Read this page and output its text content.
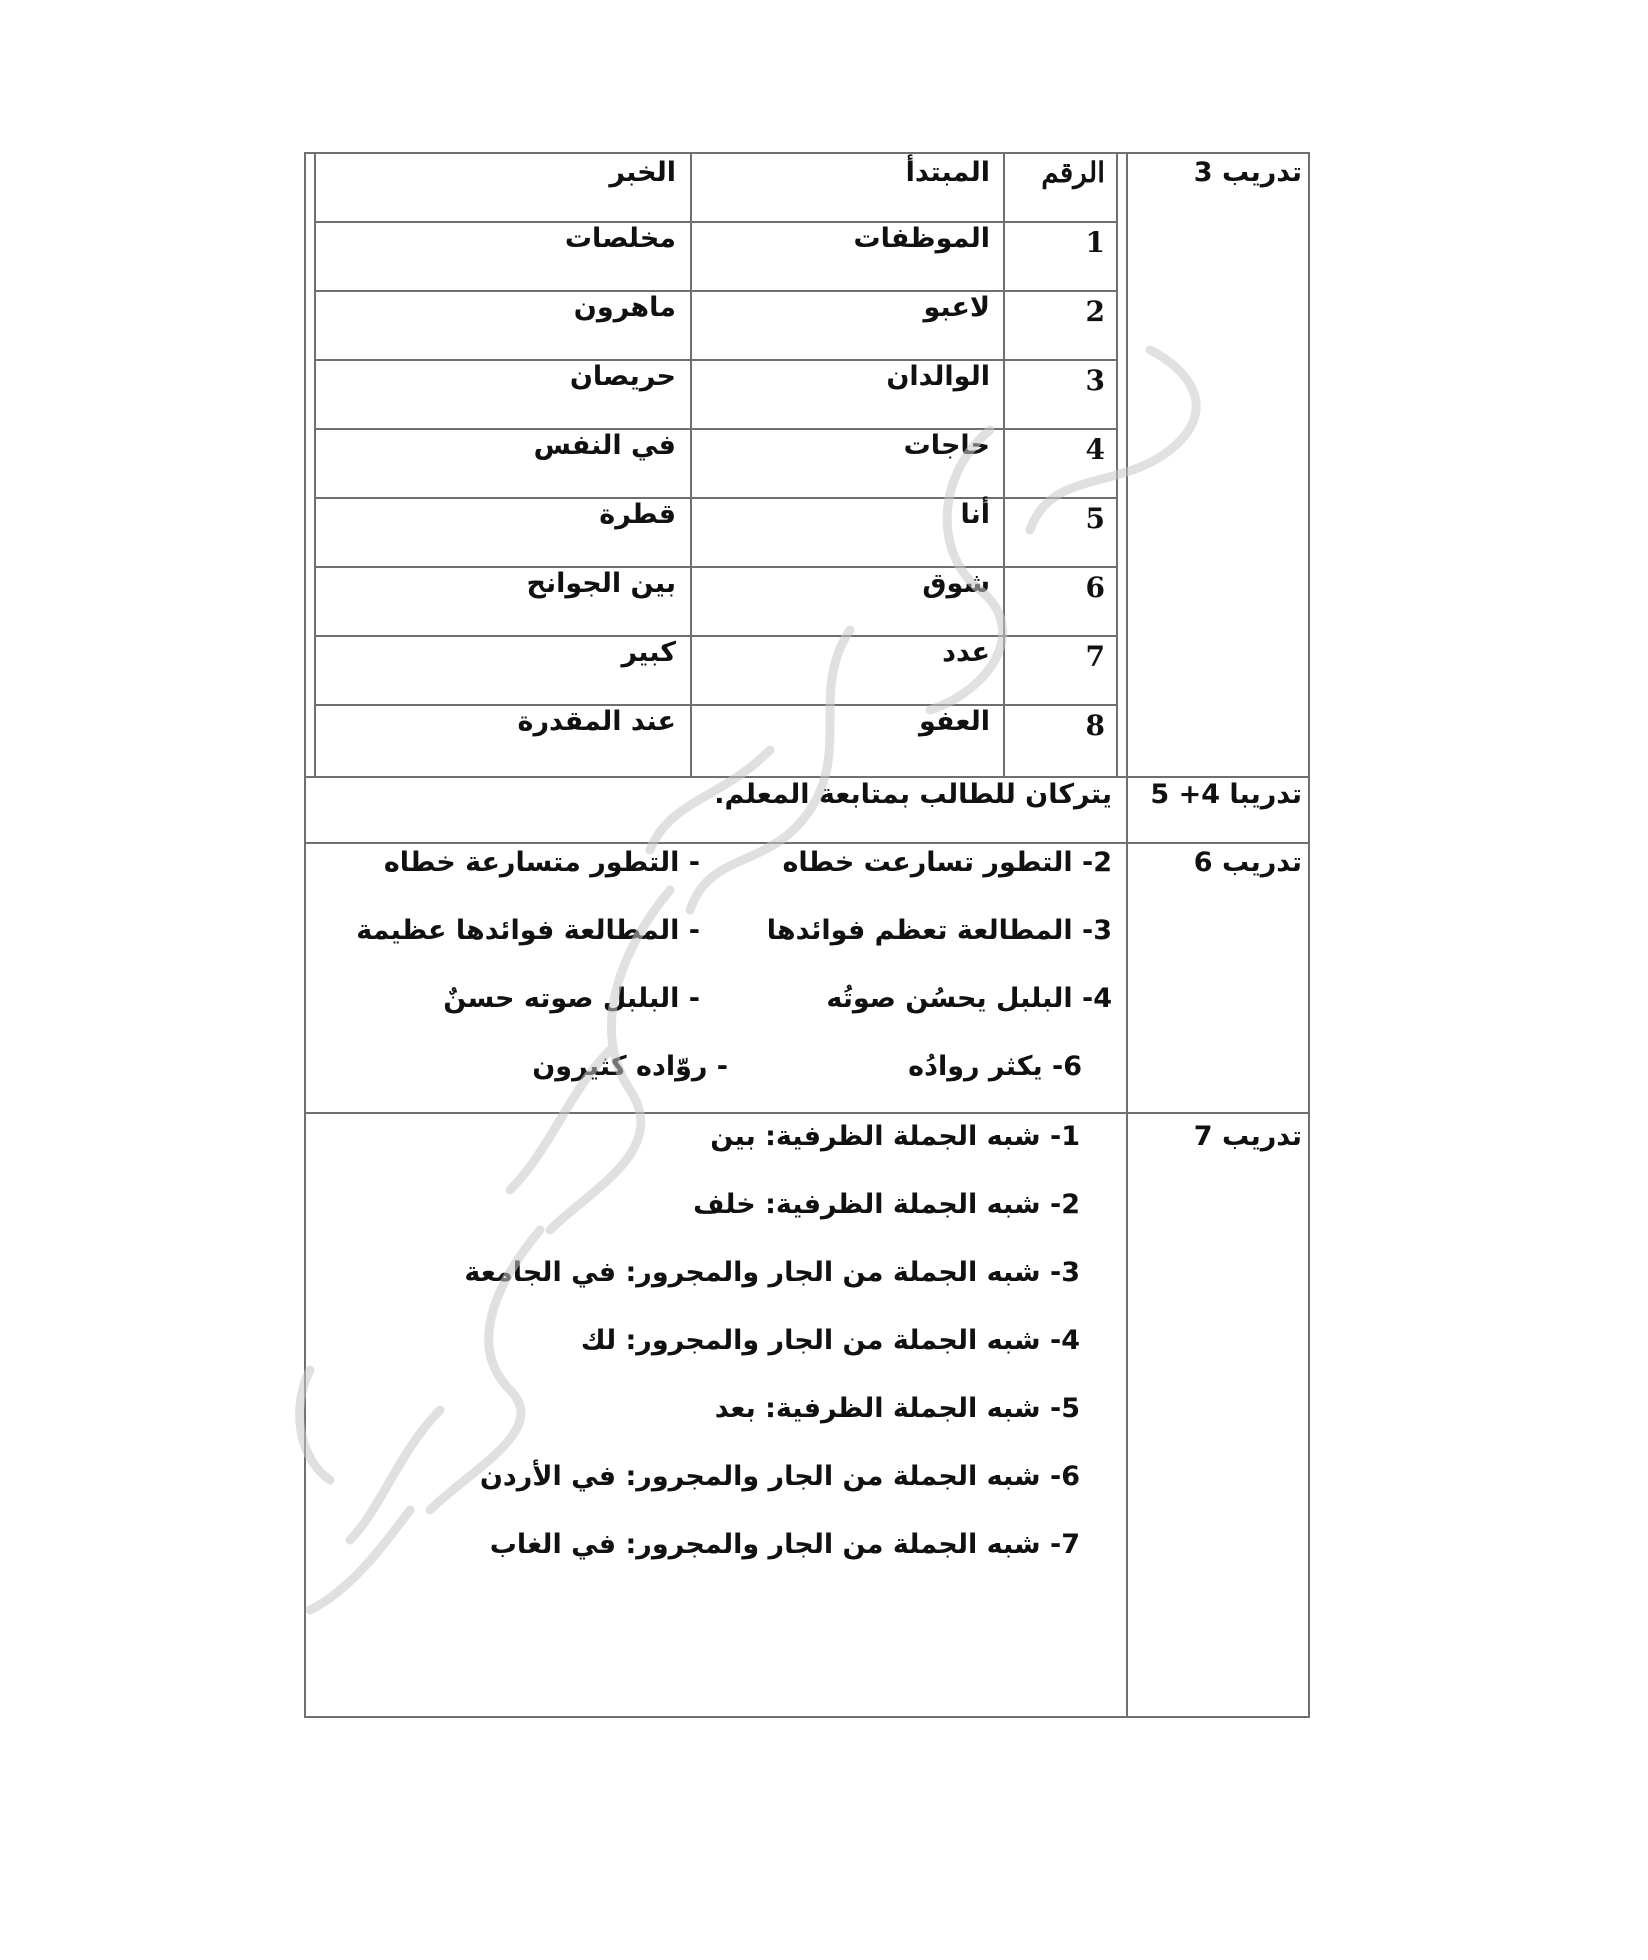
تدريب 3
تدريبا 4+ 5
تدريب 6
تدريب 7
الرقم
المبتدأ
الخبر
1
الموظفات
مخلصات
2
لاعبو
ماهرون
3
الوالدان
حريصان
4
حاجات
في النفس
5
أنا
قطرة
6
شوق
بين الجوانح
7
عدد
كبير
8
العفو
عند المقدرة
يتركان للطالب بمتابعة المعلم.
2- التطور تسارعت خطاه
- التطور متسارعة خطاه
3- المطالعة تعظم فوائدها
- المطالعة فوائدها عظيمة
4- البلبل يحسُن صوتُه
- البلبل صوته حسنٌ
6- يكثر روادُه
- روّاده كثيرون
1- شبه الجملة الظرفية: بين
2- شبه الجملة الظرفية: خلف
3- شبه الجملة من الجار والمجرور: في الجامعة
4- شبه الجملة من الجار والمجرور: لك
5- شبه الجملة الظرفية: بعد
6- شبه الجملة من الجار والمجرور: في الأردن
7- شبه الجملة من الجار والمجرور: في الغاب
